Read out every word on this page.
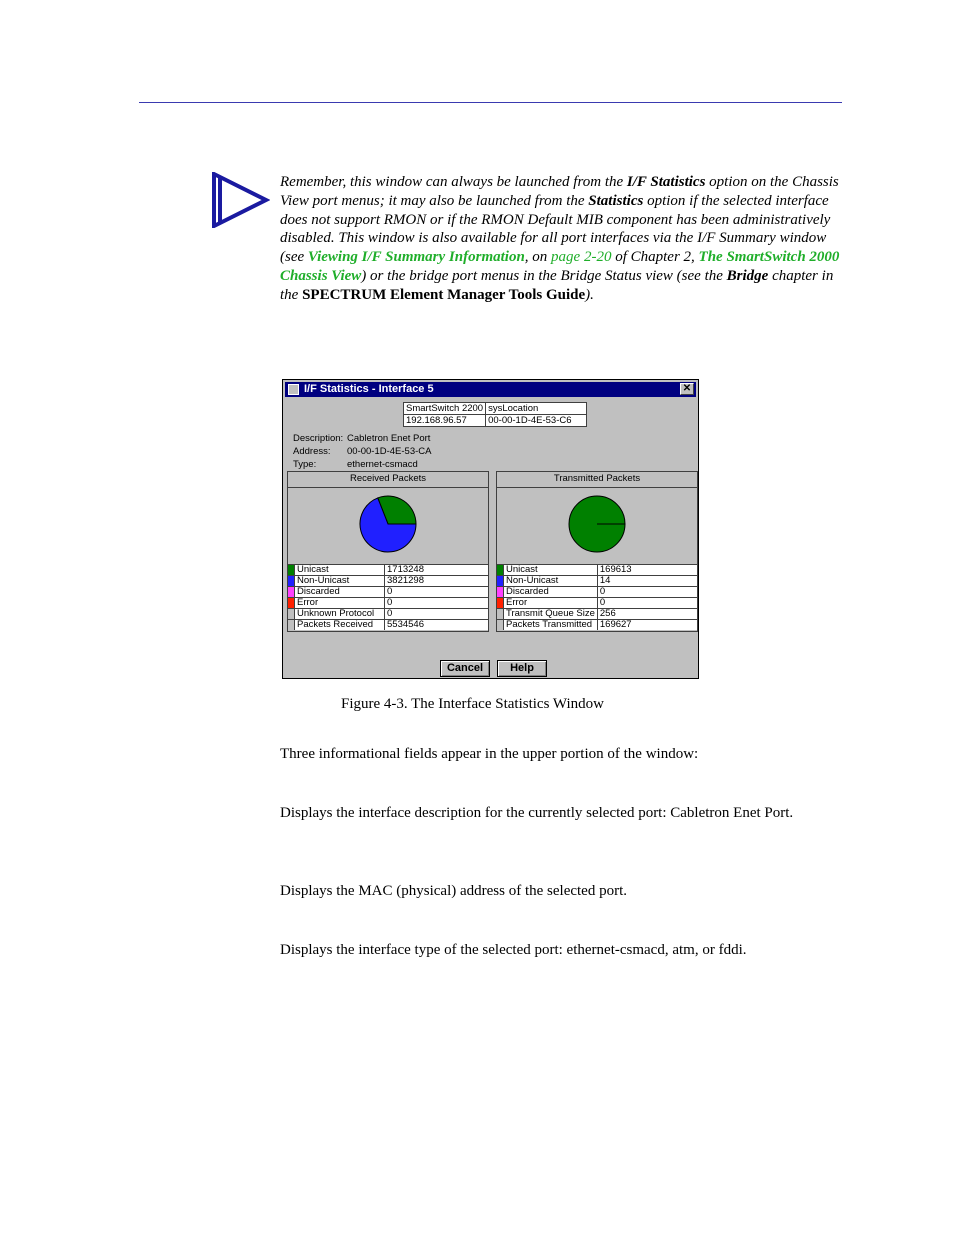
Remember, this window can always be launched from the I/F Statistics option on the Chassis View port menus; it may also be launched from the Statistics option if the selected interface does not support RMON or if the RMON Default MIB component has been administratively disabled. This window is also available for all port interfaces via the I/F Summary window (see Viewing I/F Summary Information, on page 2-20 of Chapter 2, The SmartSwitch 2000 Chassis View) or the bridge port menus in the Bridge Status view (see the Bridge chapter in the SPECTRUM Element Manager Tools Guide).
I/F Statistics - Interface 5	✕
SmartSwitch 2200	sysLocation
192.168.96.57	00-00-1D-4E-53-C6
Description: Cabletron Enet Port
Address: 00-00-1D-4E-53-CA
Type:	ethernet-csmacd
Received Packets
	Unicast	1713248
	Non-Unicast	3821298
	Discarded	0
	Error	0
	Unknown Protocol	0
	Packets Received	5534546
Transmitted Packets
	Unicast	169613
	Non-Unicast	14
	Discarded	0
	Error	0
	Transmit Queue Size	256
	Packets Transmitted	169627
Cancel	Help
Figure 4-3. The Interface Statistics Window
Three informational fields appear in the upper portion of the window:
Displays the interface description for the currently selected port: Cabletron Enet Port.
Displays the MAC (physical) address of the selected port.
Displays the interface type of the selected port: ethernet-csmacd, atm, or fddi.
